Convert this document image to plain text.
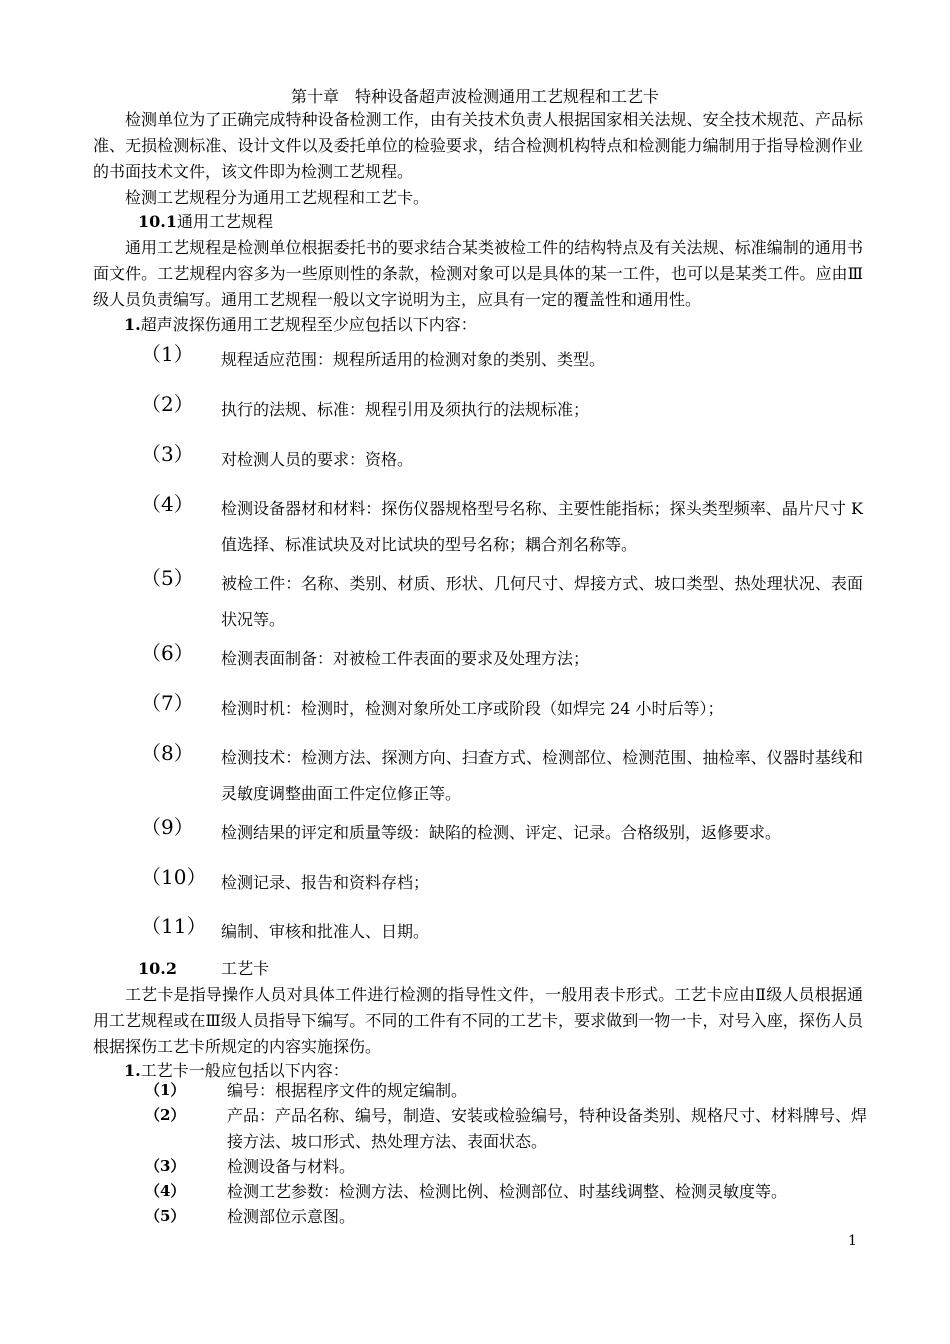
第十章　特种设备超声波检测通用工艺规程和工艺卡
检测单位为了正确完成特种设备检测工作，由有关技术负责人根据国家相关法规、安全技术规范、产品标准、无损检测标准、设计文件以及委托单位的检验要求，结合检测机构特点和检测能力编制用于指导检测作业的书面技术文件，该文件即为检测工艺规程。
检测工艺规程分为通用工艺规程和工艺卡。
10.1通用工艺规程
通用工艺规程是检测单位根据委托书的要求结合某类被检工件的结构特点及有关法规、标准编制的通用书面文件。工艺规程内容多为一些原则性的条款，检测对象可以是具体的某一工件，也可以是某类工件。应由Ⅲ级人员负责编写。通用工艺规程一般以文字说明为主，应具有一定的覆盖性和通用性。
1.超声波探伤通用工艺规程至少应包括以下内容：
（1） 规程适应范围：规程所适用的检测对象的类别、类型。
（2） 执行的法规、标准：规程引用及须执行的法规标准；
（3） 对检测人员的要求：资格。
（4） 检测设备器材和材料：探伤仪器规格型号名称、主要性能指标；探头类型频率、晶片尺寸 K 值选择、标准试块及对比试块的型号名称；耦合剂名称等。
（5） 被检工件：名称、类别、材质、形状、几何尺寸、焊接方式、坡口类型、热处理状况、表面状况等。
（6） 检测表面制备：对被检工件表面的要求及处理方法；
（7） 检测时机：检测时，检测对象所处工序或阶段（如焊完 24 小时后等）；
（8） 检测技术：检测方法、探测方向、扫查方式、检测部位、检测范围、抽检率、仪器时基线和灵敏度调整曲面工件定位修正等。
（9） 检测结果的评定和质量等级：缺陷的检测、评定、记录。合格级别，返修要求。
（10） 检测记录、报告和资料存档；
（11） 编制、审核和批准人、日期。
10.2	工艺卡
工艺卡是指导操作人员对具体工件进行检测的指导性文件，一般用表卡形式。工艺卡应由Ⅱ级人员根据通用工艺规程或在Ⅲ级人员指导下编写。不同的工件有不同的工艺卡，要求做到一物一卡，对号入座，探伤人员根据探伤工艺卡所规定的内容实施探伤。
1.工艺卡一般应包括以下内容：
（1）	编号：根据程序文件的规定编制。
（2）	产品：产品名称、编号，制造、安装或检验编号，特种设备类别、规格尺寸、材料牌号、焊接方法、坡口形式、热处理方法、表面状态。
（3）	检测设备与材料。
（4）	检测工艺参数：检测方法、检测比例、检测部位、时基线调整、检测灵敏度等。
（5）	检测部位示意图。
1
